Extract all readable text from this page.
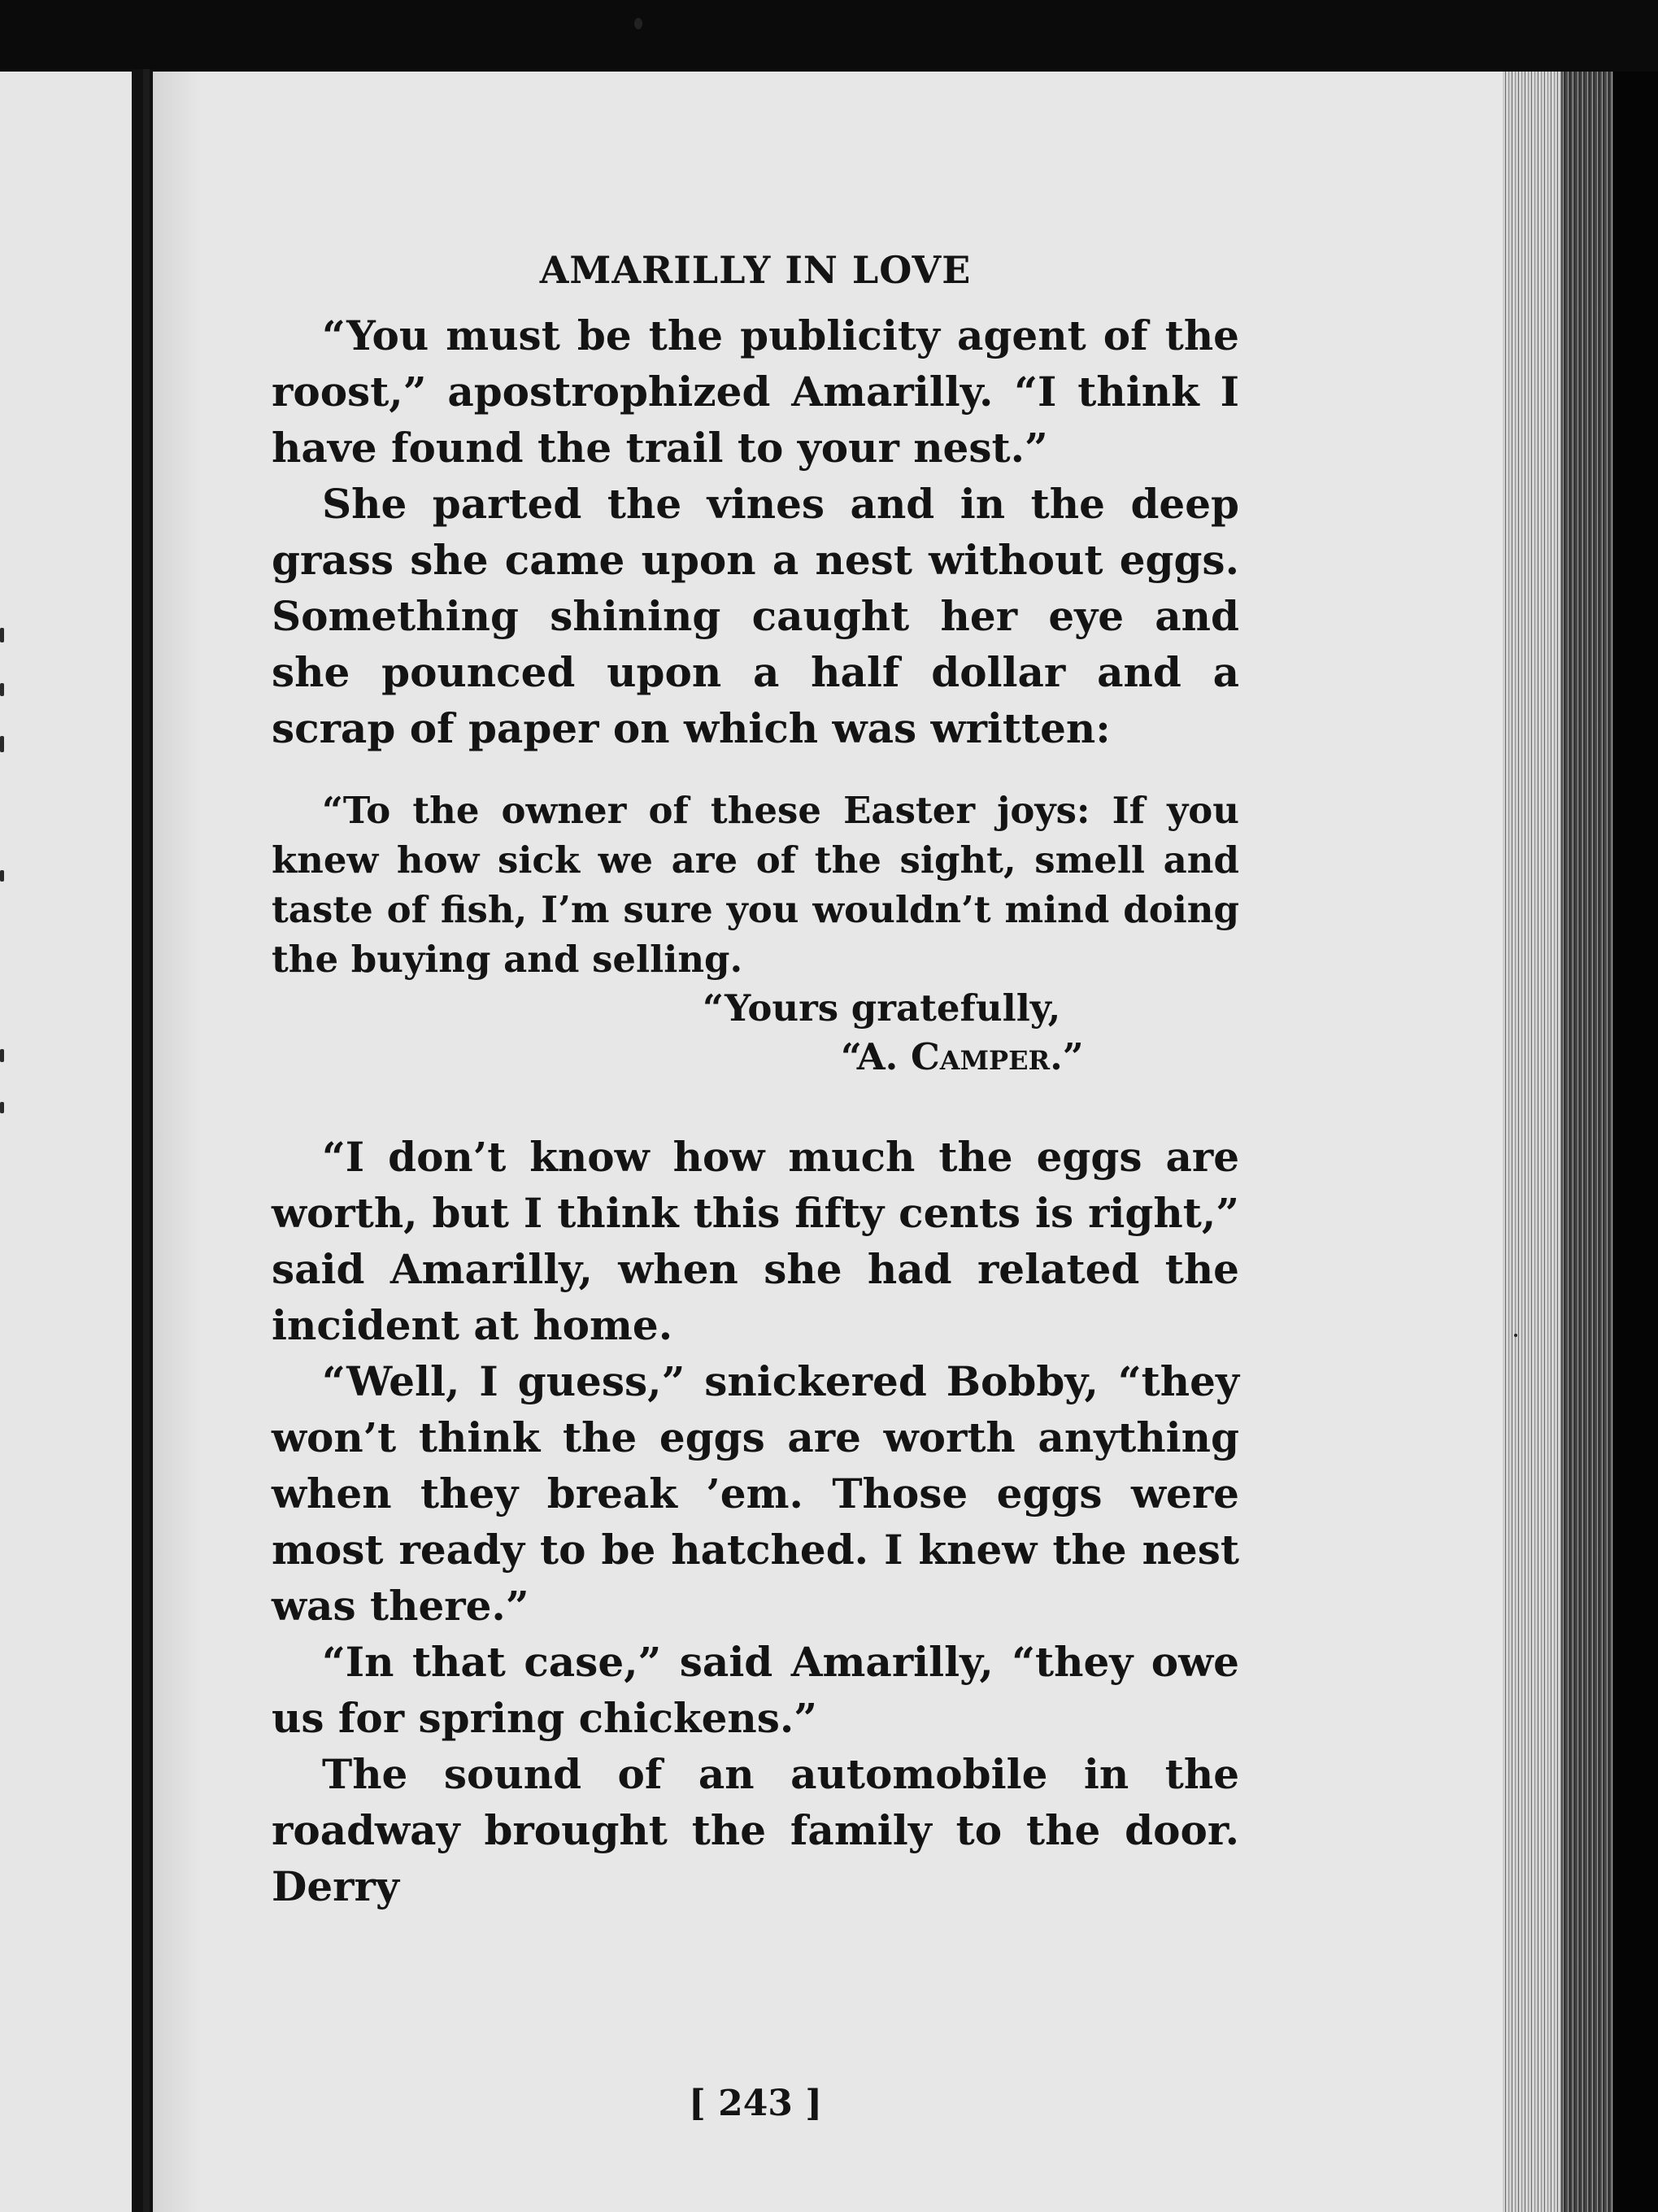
AMARILLY IN LOVE

“You must be the publicity agent of the roost,” apostrophized Amarilly. “I think I have found the trail to your nest.”

She parted the vines and in the deep grass she came upon a nest without eggs. Something shining caught her eye and she pounced upon a half dollar and a scrap of paper on which was written:

“To the owner of these Easter joys: If you knew how sick we are of the sight, smell and taste of fish, I’m sure you wouldn’t mind doing the buying and selling.

“Yours gratefully,

“A. Camper.”

“I don’t know how much the eggs are worth, but I think this fifty cents is right,” said Amarilly, when she had related the incident at home.

“Well, I guess,” snickered Bobby, “they won’t think the eggs are worth anything when they break ’em. Those eggs were most ready to be hatched. I knew the nest was there.”

“In that case,” said Amarilly, “they owe us for spring chickens.”

The sound of an automobile in the roadway brought the family to the door. Derry

[ 243 ]
